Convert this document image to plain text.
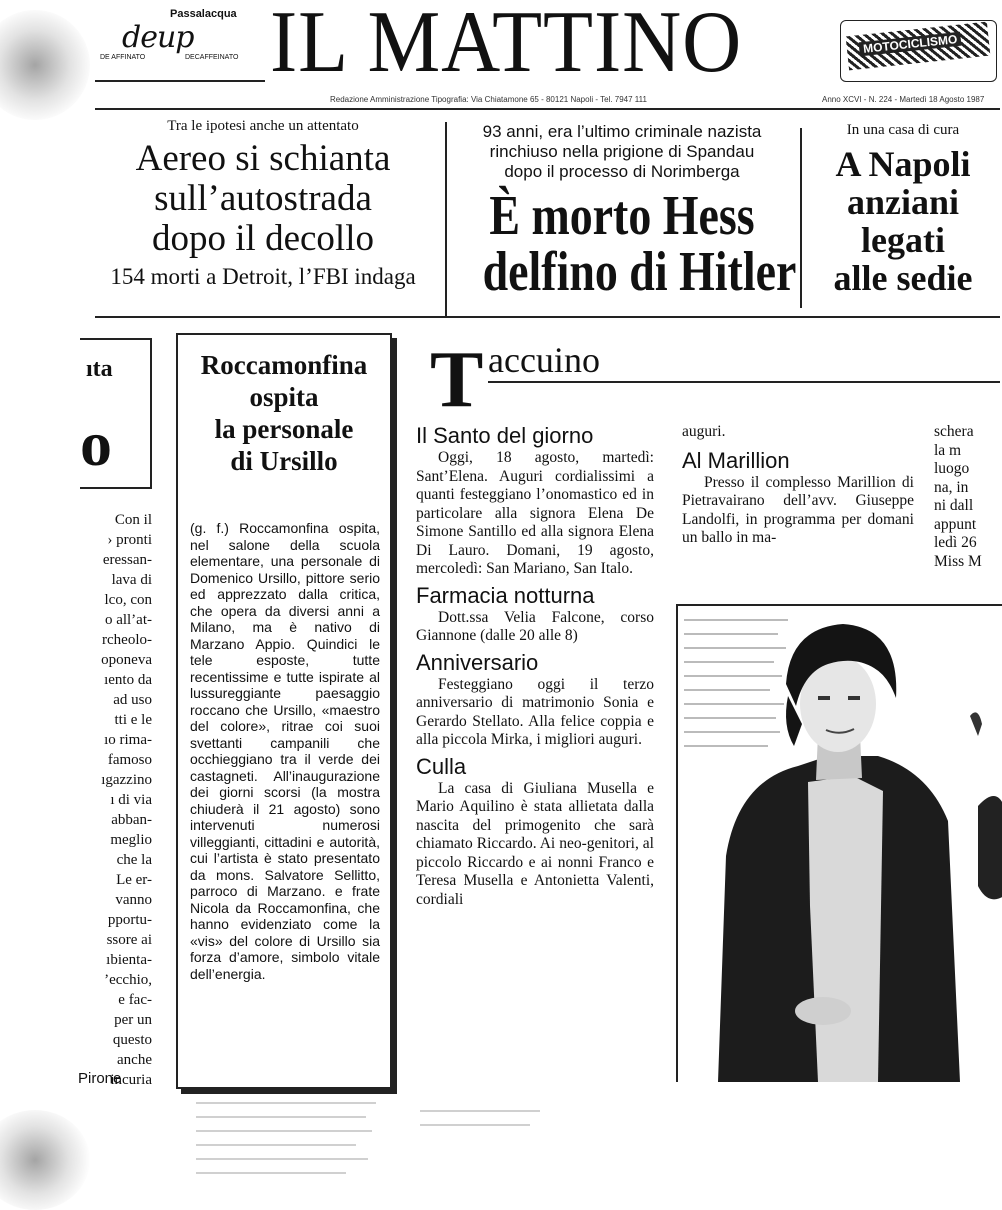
Passalacqua
deup
DE AFFINATO	DECAFFEINATO IL MATTINO	MOTOCICLISMO
Redazione Amministrazione Tipografia: Via Chiatamone 65 - 80121 Napoli - Tel. 7947 111	Anno XCVI - N. 224 - Martedì 18 Agosto 1987
Tra le ipotesi anche un attentato
Aereo si schianta
sull’autostrada
dopo il decollo
154 morti a Detroit, l’FBI indaga
93 anni, era l’ultimo criminale nazista
rinchiuso nella prigione di Spandau
dopo il processo di Norimberga
È morto Hess
delfino di Hitler
In una casa di cura
A Napoli
anziani
legati
alle sedie
ıta
o
Con il
› pronti
eressan-
lava di
lco, con
o all’at-
rcheolo-
oponeva
ıento da
ad uso
tti e le
ıo rima-
famoso
ıgazzino
ı di via
abban-
meglio
che la
Le er-
vanno
pportu-
ssore ai
ıbienta-
’ecchio,
e fac-
per un
questo
anche
incuria
Pirone
Roccamonfina
ospita
la personale
di Ursillo
(g. f.) Roccamonfina ospita, nel salone della scuola elementare, una personale di Domenico Ursillo, pittore serio ed apprezzato dalla critica, che opera da diversi anni a Milano, ma è nativo di Marzano Appio. Quindici le tele esposte, tutte recentissime e tutte ispirate al lussureggiante paesaggio roccano che Ursillo, «maestro del colore», ritrae coi suoi svettanti campanili che occhieggiano tra il verde dei castagneti. All’inaugurazione dei giorni scorsi (la mostra chiuderà il 21 agosto) sono intervenuti numerosi villeggianti, cittadini e autorità, cui l’artista è stato presentato da mons. Salvatore Sellitto, parroco di Marzano. e frate Nicola da Roccamonfina, che hanno evidenziato come la «vis» del colore di Ursillo sia forza d’amore, simbolo vitale dell’energia.
T accuino
Il Santo del giorno

Oggi, 18 agosto, martedì: Sant’Elena. Auguri cordialissimi a quanti festeggiano l’onomastico ed in particolare alla signora Elena De Simone Santillo ed alla signora Elena Di Lauro. Domani, 19 agosto, mercoledì: San Mariano, San Italo.

Farmacia notturna

Dott.ssa Velia Falcone, corso Giannone (dalle 20 alle 8)

Anniversario

Festeggiano oggi il terzo anniversario di matrimonio Sonia e Gerardo Stellato. Alla felice coppia e alla piccola Mirka, i migliori auguri.

Culla

La casa di Giuliana Musella e Mario Aquilino è stata allietata dalla nascita del primogenito che sarà chiamato Riccardo. Ai neo-genitori, al piccolo Riccardo e ai nonni Franco e Teresa Musella e Antonietta Valenti, cordiali

auguri.
Al Marillion

Presso il complesso Marillion di Pietravairano dell’avv. Giuseppe Landolfi, in programma per domani un ballo in ma-

schera
la m
luogo
na, in
ni dall
appunt
ledì 26
Miss M
